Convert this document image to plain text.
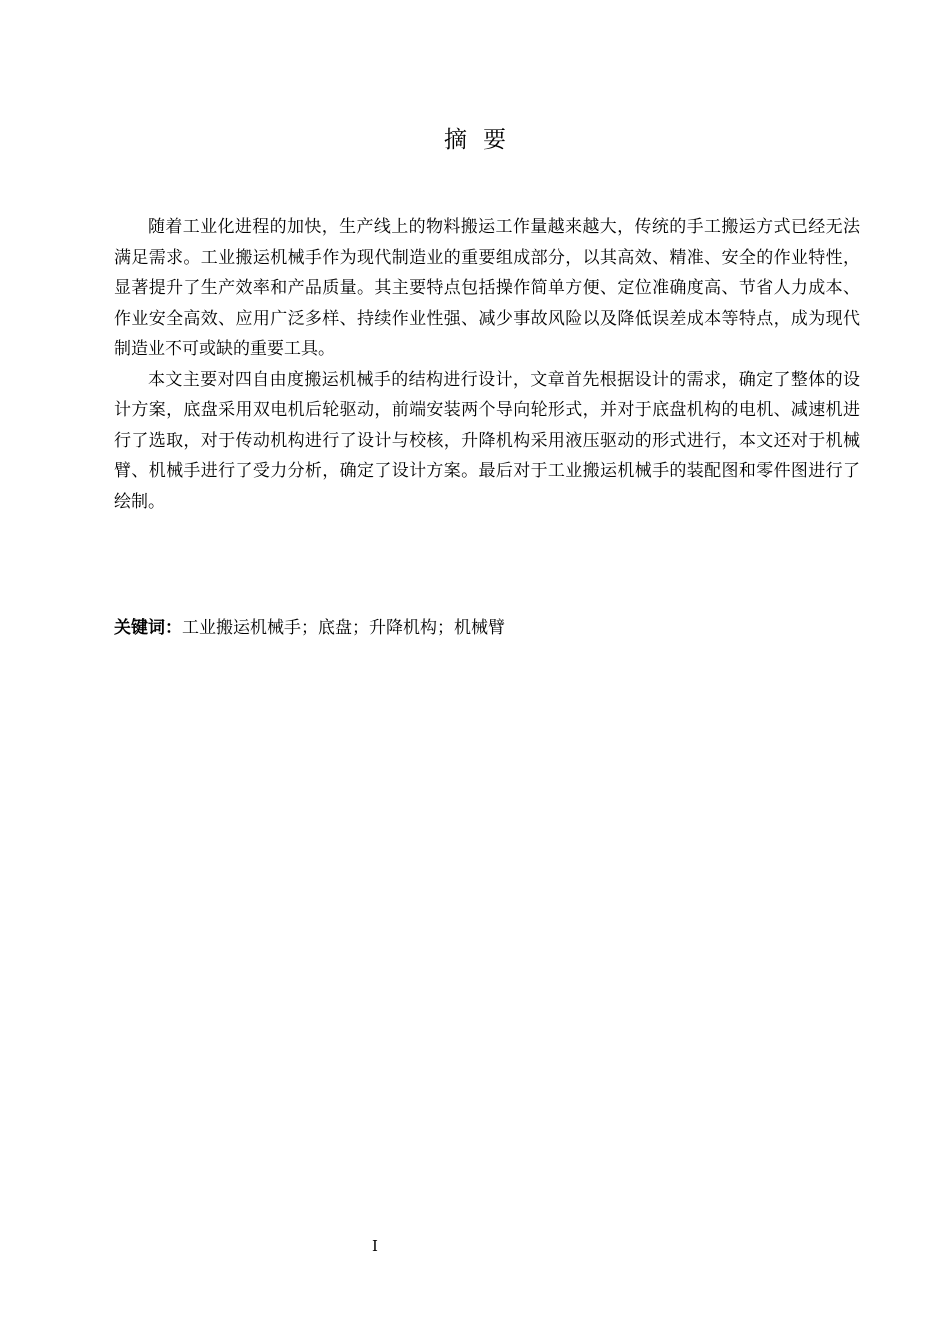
摘要

随着工业化进程的加快，生产线上的物料搬运工作量越来越大，传统的手工搬运方式已经无法满足需求。工业搬运机械手作为现代制造业的重要组成部分，以其高效、精准、安全的作业特性，显著提升了生产效率和产品质量。其主要特点包括操作简单方便、定位准确度高、节省人力成本、作业安全高效、应用广泛多样、持续作业性强、减少事故风险以及降低误差成本等特点，成为现代制造业不可或缺的重要工具。

本文主要对四自由度搬运机械手的结构进行设计，文章首先根据设计的需求，确定了整体的设计方案，底盘采用双电机后轮驱动，前端安装两个导向轮形式，并对于底盘机构的电机、减速机进行了选取，对于传动机构进行了设计与校核，升降机构采用液压驱动的形式进行，本文还对于机械臂、机械手进行了受力分析，确定了设计方案。最后对于工业搬运机械手的装配图和零件图进行了绘制。

关键词：工业搬运机械手；底盘；升降机构；机械臂
I
